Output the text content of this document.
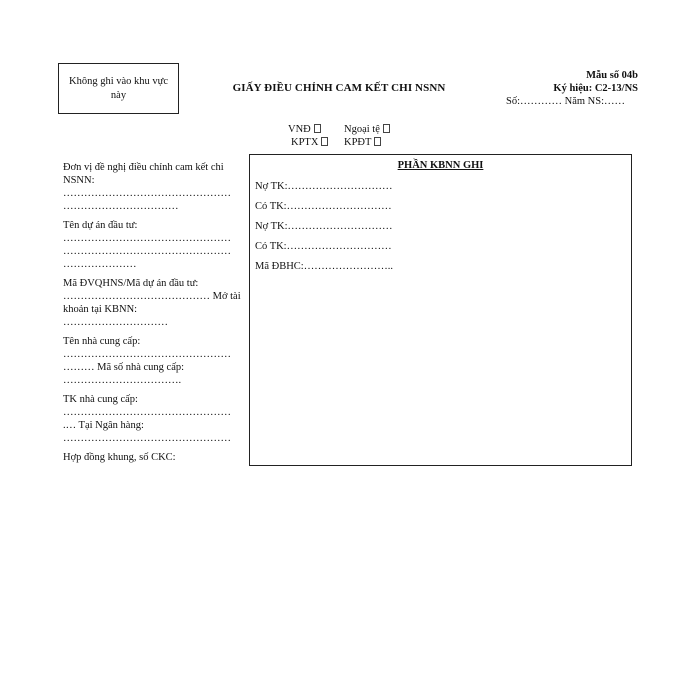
Không ghi vào khu vực này
GIẤY ĐIỀU CHỈNH CAM KẾT CHI NSNN
Mẫu số 04b
Ký hiệu: C2-13/NS
Số:………… Năm NS:……
VNĐ	Ngoại tệ
KPTX	KPĐT
Đơn vị đề nghị điều chỉnh cam kết chi NSNN:
…………………………………………
……………………………
Tên dự án đầu tư:
…………………………………………
…………………………………………
…………………
Mã ĐVQHNS/Mã dự án đầu tư:
…………………………………… Mở tài khoản tại KBNN:
…………………………
Tên nhà cung cấp:
…………………………………………
……… Mã số nhà cung cấp:
…………………………….
TK nhà cung cấp:
…………………………………………
.… Tại Ngân hàng:
…………………………………………
Hợp đồng khung, số CKC:
PHẦN KBNN GHI
Nợ TK:…………………………
Có TK:…………………………
Nợ TK:…………………………
Có TK:…………………………
Mã ĐBHC:……………………..
